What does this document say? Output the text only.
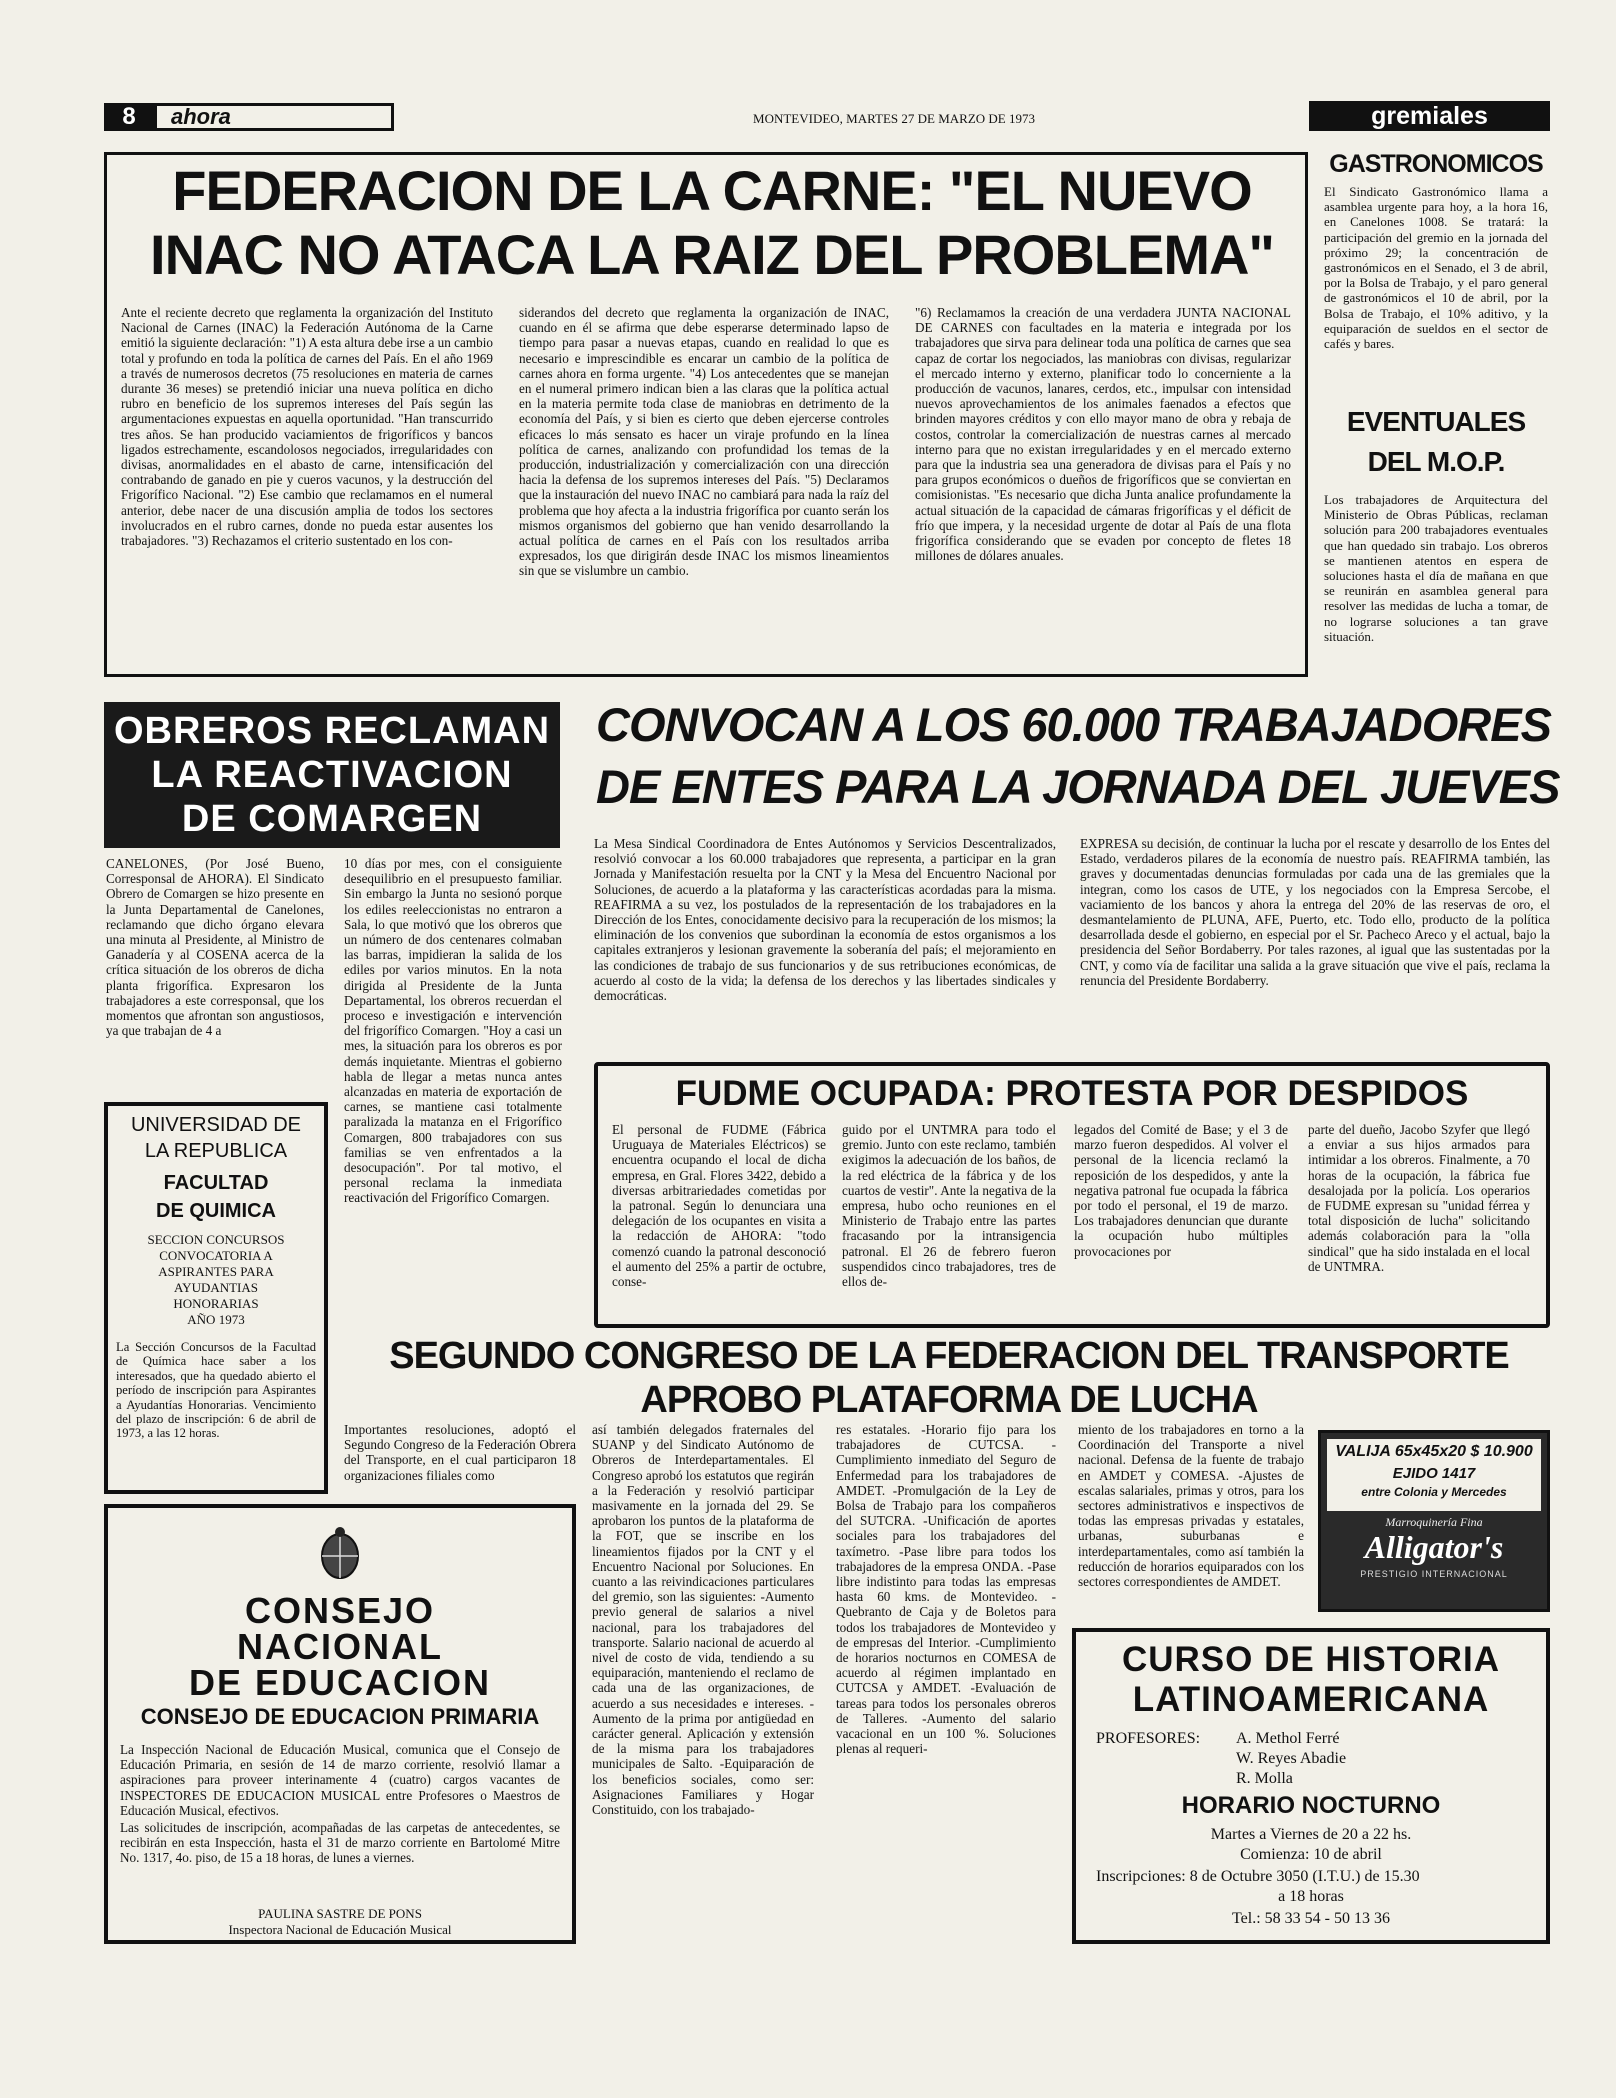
8	ahora	MONTEVIDEO, MARTES 27 DE MARZO DE 1973	gremiales
FEDERACION DE LA CARNE: "EL NUEVO
INAC NO ATACA LA RAIZ DEL PROBLEMA"
Ante el reciente decreto que reglamenta la organización del Instituto Nacional de Carnes (INAC) la Federación Autónoma de la Carne emitió la siguiente declaración: "1) A esta altura debe irse a un cambio total y profundo en toda la política de carnes del País. En el año 1969 a través de numerosos decretos (75 resoluciones en materia de carnes durante 36 meses) se pretendió iniciar una nueva política en dicho rubro en beneficio de los supremos intereses del País según las argumentaciones expuestas en aquella oportunidad. "Han transcurrido tres años. Se han producido vaciamientos de frigoríficos y bancos ligados estrechamente, escandolosos negociados, irregularidades con divisas, anormalidades en el abasto de carne, intensificación del contrabando de ganado en pie y cueros vacunos, y la destrucción del Frigorífico Nacional. "2) Ese cambio que reclamamos en el numeral anterior, debe nacer de una discusión amplia de todos los sectores involucrados en el rubro carnes, donde no pueda estar ausentes los trabajadores. "3) Rechazamos el criterio sustentado en los con-
siderandos del decreto que reglamenta la organización de INAC, cuando en él se afirma que debe esperarse determinado lapso de tiempo para pasar a nuevas etapas, cuando en realidad lo que es necesario e imprescindible es encarar un cambio de la política de carnes ahora en forma urgente. "4) Los antecedentes que se manejan en el numeral primero indican bien a las claras que la política actual en la materia permite toda clase de maniobras en detrimento de la economía del País, y si bien es cierto que deben ejercerse controles eficaces lo más sensato es hacer un viraje profundo en la línea política de carnes, analizando con profundidad los temas de la producción, industrialización y comercialización con una dirección hacia la defensa de los supremos intereses del País. "5) Declaramos que la instauración del nuevo INAC no cambiará para nada la raíz del problema que hoy afecta a la industria frigorífica por cuanto serán los mismos organismos del gobierno que han venido desarrollando la actual política de carnes en el País con los resultados arriba expresados, los que dirigirán desde INAC los mismos lineamientos sin que se vislumbre un cambio.
"6) Reclamamos la creación de una verdadera JUNTA NACIONAL DE CARNES con facultades en la materia e integrada por los trabajadores que sirva para delinear toda una política de carnes que sea capaz de cortar los negociados, las maniobras con divisas, regularizar el mercado interno y externo, planificar todo lo concerniente a la producción de vacunos, lanares, cerdos, etc., impulsar con intensidad nuevos aprovechamientos de los animales faenados a efectos que brinden mayores créditos y con ello mayor mano de obra y rebaja de costos, controlar la comercialización de nuestras carnes al mercado interno para que no existan irregularidades y en el mercado externo para que la industria sea una generadora de divisas para el País y no para grupos económicos o dueños de frigoríficos que se conviertan en comisionistas. "Es necesario que dicha Junta analice profundamente la actual situación de la capacidad de cámaras frigoríficas y el déficit de frío que impera, y la necesidad urgente de dotar al País de una flota frigorífica considerando que se evaden por concepto de fletes 18 millones de dólares anuales.
GASTRONOMICOS
El Sindicato Gastronómico llama a asamblea urgente para hoy, a la hora 16, en Canelones 1008. Se tratará: la participación del gremio en la jornada del próximo 29; la concentración de gastronómicos en el Senado, el 3 de abril, por la Bolsa de Trabajo, y el paro general de gastronómicos el 10 de abril, por la Bolsa de Trabajo, el 10% aditivo, y la equiparación de sueldos en el sector de cafés y bares.
EVENTUALES
DEL M.O.P.
Los trabajadores de Arquitectura del Ministerio de Obras Públicas, reclaman solución para 200 trabajadores eventuales que han quedado sin trabajo. Los obreros se mantienen atentos en espera de soluciones hasta el día de mañana en que se reunirán en asamblea general para resolver las medidas de lucha a tomar, de no lograrse soluciones a tan grave situación.
OBREROS RECLAMAN
LA REACTIVACION
DE COMARGEN
CANELONES, (Por José Bueno, Corresponsal de AHORA). El Sindicato Obrero de Comargen se hizo presente en la Junta Departamental de Canelones, reclamando que dicho órgano elevara una minuta al Presidente, al Ministro de Ganadería y al COSENA acerca de la crítica situación de los obreros de dicha planta frigorífica. Expresaron los trabajadores a este corresponsal, que los momentos que afrontan son angustiosos, ya que trabajan de 4 a
10 días por mes, con el consiguiente desequilibrio en el presupuesto familiar. Sin embargo la Junta no sesionó porque los ediles reeleccionistas no entraron a Sala, lo que motivó que los obreros que un número de dos centenares colmaban las barras, impidieran la salida de los ediles por varios minutos. En la nota dirigida al Presidente de la Junta Departamental, los obreros recuerdan el proceso e investigación e intervención del frigorífico Comargen. "Hoy a casi un mes, la situación para los obreros es por demás inquietante. Mientras el gobierno habla de llegar a metas nunca antes alcanzadas en materia de exportación de carnes, se mantiene casi totalmente paralizada la matanza en el Frigorífico Comargen, 800 trabajadores con sus familias se ven enfrentados a la desocupación". Por tal motivo, el personal reclama la inmediata reactivación del Frigorífico Comargen.
UNIVERSIDAD DE
LA REPUBLICA
FACULTAD
DE QUIMICA
SECCION CONCURSOS
CONVOCATORIA A
ASPIRANTES PARA
AYUDANTIAS
HONORARIAS
AÑO 1973
La Sección Concursos de la Facultad de Química hace saber a los interesados, que ha quedado abierto el período de inscripción para Aspirantes a Ayudantías Honorarias. Vencimiento del plazo de inscripción: 6 de abril de 1973, a las 12 horas.
CONVOCAN A LOS 60.000 TRABAJADORES
DE ENTES PARA LA JORNADA DEL JUEVES
La Mesa Sindical Coordinadora de Entes Autónomos y Servicios Descentralizados, resolvió convocar a los 60.000 trabajadores que representa, a participar en la gran Jornada y Manifestación resuelta por la CNT y la Mesa del Encuentro Nacional por Soluciones, de acuerdo a la plataforma y las características acordadas para la misma. REAFIRMA a su vez, los postulados de la representación de los trabajadores en la Dirección de los Entes, conocidamente decisivo para la recuperación de los mismos; la eliminación de los convenios que subordinan la economía de estos organismos a los capitales extranjeros y lesionan gravemente la soberanía del país; el mejoramiento en las condiciones de trabajo de sus funcionarios y de sus retribuciones económicas, de acuerdo al costo de la vida; la defensa de los derechos y las libertades sindicales y democráticas.
EXPRESA su decisión, de continuar la lucha por el rescate y desarrollo de los Entes del Estado, verdaderos pilares de la economía de nuestro país. REAFIRMA también, las graves y documentadas denuncias formuladas por cada una de las gremiales que la integran, como los casos de UTE, y los negociados con la Empresa Sercobe, el vaciamiento de los bancos y ahora la entrega del 20% de las reservas de oro, el desmantelamiento de PLUNA, AFE, Puerto, etc. Todo ello, producto de la política desarrollada desde el gobierno, en especial por el Sr. Pacheco Areco y el actual, bajo la presidencia del Señor Bordaberry. Por tales razones, al igual que las sustentadas por la CNT, y como vía de facilitar una salida a la grave situación que vive el país, reclama la renuncia del Presidente Bordaberry.
FUDME OCUPADA: PROTESTA POR DESPIDOS
El personal de FUDME (Fábrica Uruguaya de Materiales Eléctricos) se encuentra ocupando el local de dicha empresa, en Gral. Flores 3422, debido a diversas arbitrariedades cometidas por la patronal. Según lo denunciara una delegación de los ocupantes en visita a la redacción de AHORA: "todo comenzó cuando la patronal desconoció el aumento del 25% a partir de octubre, conse-
guido por el UNTMRA para todo el gremio. Junto con este reclamo, también exigimos la adecuación de los baños, de la red eléctrica de la fábrica y de los cuartos de vestir". Ante la negativa de la empresa, hubo ocho reuniones en el Ministerio de Trabajo entre las partes fracasando por la intransigencia patronal. El 26 de febrero fueron suspendidos cinco trabajadores, tres de ellos de-
legados del Comité de Base; y el 3 de marzo fueron despedidos. Al volver el personal de la licencia reclamó la reposición de los despedidos, y ante la negativa patronal fue ocupada la fábrica por todo el personal, el 19 de marzo. Los trabajadores denuncian que durante la ocupación hubo múltiples provocaciones por
parte del dueño, Jacobo Szyfer que llegó a enviar a sus hijos armados para intimidar a los obreros. Finalmente, a 70 horas de la ocupación, la fábrica fue desalojada por la policía. Los operarios de FUDME expresan su "unidad férrea y total disposición de lucha" solicitando además colaboración para la "olla sindical" que ha sido instalada en el local de UNTMRA.
SEGUNDO CONGRESO DE LA FEDERACION DEL TRANSPORTE
APROBO PLATAFORMA DE LUCHA
Importantes resoluciones, adoptó el Segundo Congreso de la Federación Obrera del Transporte, en el cual participaron 18 organizaciones filiales como
así también delegados fraternales del SUANP y del Sindicato Autónomo de Obreros de Interdepartamentales. El Congreso aprobó los estatutos que regirán a la Federación y resolvió participar masivamente en la jornada del 29. Se aprobaron los puntos de la plataforma de la FOT, que se inscribe en los lineamientos fijados por la CNT y el Encuentro Nacional por Soluciones. En cuanto a las reivindicaciones particulares del gremio, son las siguientes: -Aumento previo general de salarios a nivel nacional, para los trabajadores del transporte. Salario nacional de acuerdo al nivel de costo de vida, tendiendo a su equiparación, manteniendo el reclamo de cada una de las organizaciones, de acuerdo a sus necesidades e intereses. -Aumento de la prima por antigüedad en carácter general. Aplicación y extensión de la misma para los trabajadores municipales de Salto. -Equiparación de los beneficios sociales, como ser: Asignaciones Familiares y Hogar Constituido, con los trabajado-
res estatales. -Horario fijo para los trabajadores de CUTCSA. -Cumplimiento inmediato del Seguro de Enfermedad para los trabajadores de AMDET. -Promulgación de la Ley de Bolsa de Trabajo para los compañeros del SUTCRA. -Unificación de aportes sociales para los trabajadores del taxímetro. -Pase libre para todos los trabajadores de la empresa ONDA. -Pase libre indistinto para todas las empresas hasta 60 kms. de Montevideo. -Quebranto de Caja y de Boletos para todos los trabajadores de Montevideo y de empresas del Interior. -Cumplimiento de horarios nocturnos en COMESA de acuerdo al régimen implantado en CUTCSA y AMDET. -Evaluación de tareas para todos los personales obreros de Talleres. -Aumento del salario vacacional en un 100 %. Soluciones plenas al requeri-
miento de los trabajadores en torno a la Coordinación del Transporte a nivel nacional. Defensa de la fuente de trabajo en AMDET y COMESA. -Ajustes de escalas salariales, primas y otros, para los sectores administrativos e inspectivos de todas las empresas privadas y estatales, urbanas, suburbanas e interdepartamentales, como así también la reducción de horarios equiparados con los sectores correspondientes de AMDET.
CONSEJO
NACIONAL
DE EDUCACION
CONSEJO DE EDUCACION PRIMARIA
La Inspección Nacional de Educación Musical, comunica que el Consejo de Educación Primaria, en sesión de 14 de marzo corriente, resolvió llamar a aspiraciones para proveer interinamente 4 (cuatro) cargos vacantes de INSPECTORES DE EDUCACION MUSICAL entre Profesores o Maestros de Educación Musical, efectivos.
Las solicitudes de inscripción, acompañadas de las carpetas de antecedentes, se recibirán en esta Inspección, hasta el 31 de marzo corriente en Bartolomé Mitre No. 1317, 4o. piso, de 15 a 18 horas, de lunes a viernes.
PAULINA SASTRE DE PONS
Inspectora Nacional de Educación Musical
VALIJA 65x45x20 $ 10.900
EJIDO 1417
entre Colonia y Mercedes
Marroquinería Fina
Alligator's
PRESTIGIO INTERNACIONAL
CURSO DE HISTORIA
LATINOAMERICANA
PROFESORES: A. Methol Ferré
W. Reyes Abadie
R. Molla
HORARIO NOCTURNO
Martes a Viernes de 20 a 22 hs.
Comienza: 10 de abril
Inscripciones: 8 de Octubre 3050 (I.T.U.) de 15.30
a 18 horas
Tel.: 58 33 54 - 50 13 36
